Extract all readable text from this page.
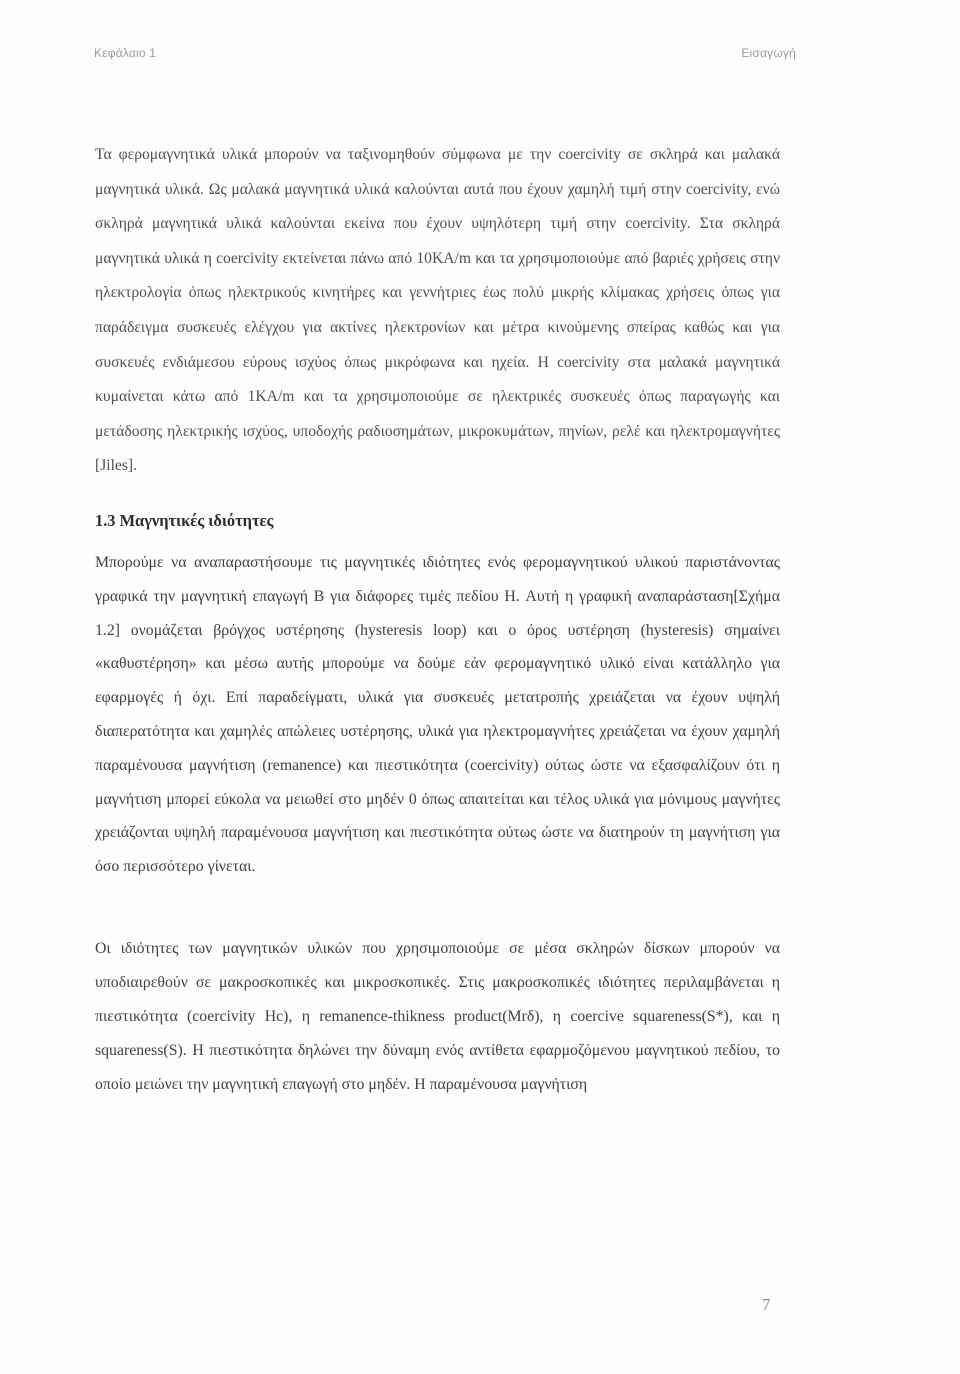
Κεφάλαιο 1	Εισαγωγή

Τα φερομαγνητικά υλικά μπορούν να ταξινομηθούν σύμφωνα με την coercivity σε σκληρά και μαλακά μαγνητικά υλικά. Ως μαλακά μαγνητικά υλικά καλούνται αυτά που έχουν χαμηλή τιμή στην coercivity, ενώ σκληρά μαγνητικά υλικά καλούνται εκείνα που έχουν υψηλότερη τιμή στην coercivity. Στα σκληρά μαγνητικά υλικά η coercivity εκτείνεται πάνω από 10KA/m και τα χρησιμοποιούμε από βαριές χρήσεις στην ηλεκτρολογία όπως ηλεκτρικούς κινητήρες και γεννήτριες έως πολύ μικρής κλίμακας χρήσεις όπως για παράδειγμα συσκευές ελέγχου για ακτίνες ηλεκτρονίων και μέτρα κινούμενης σπείρας καθώς και για συσκευές ενδιάμεσου εύρους ισχύος όπως μικρόφωνα και ηχεία. Η coercivity στα μαλακά μαγνητικά κυμαίνεται κάτω από 1KA/m και τα χρησιμοποιούμε σε ηλεκτρικές συσκευές όπως παραγωγής και μετάδοσης ηλεκτρικής ισχύος, υποδοχής ραδιοσημάτων, μικροκυμάτων, πηνίων, ρελέ και ηλεκτρομαγνήτες [Jiles].

1.3 Μαγνητικές ιδιότητες

Μπορούμε να αναπαραστήσουμε τις μαγνητικές ιδιότητες ενός φερομαγνητικού υλικού παριστάνοντας γραφικά την μαγνητική επαγωγή B για διάφορες τιμές πεδίου H. Αυτή η γραφική αναπαράσταση[Σχήμα 1.2] ονομάζεται βρόγχος υστέρησης (hysteresis loop) και ο όρος υστέρηση (hysteresis) σημαίνει «καθυστέρηση» και μέσω αυτής μπορούμε να δούμε εάν φερομαγνητικό υλικό είναι κατάλληλο για εφαρμογές ή όχι. Επί παραδείγματι, υλικά για συσκευές μετατροπής χρειάζεται να έχουν υψηλή διαπερατότητα και χαμηλές απώλειες υστέρησης, υλικά για ηλεκτρομαγνήτες χρειάζεται να έχουν χαμηλή παραμένουσα μαγνήτιση (remanence) και πιεστικότητα (coercivity) ούτως ώστε να εξασφαλίζουν ότι η μαγνήτιση μπορεί εύκολα να μειωθεί στο μηδέν 0 όπως απαιτείται και τέλος υλικά για μόνιμους μαγνήτες χρειάζονται υψηλή παραμένουσα μαγνήτιση και πιεστικότητα ούτως ώστε να διατηρούν τη μαγνήτιση για όσο περισσότερο γίνεται.

Οι ιδιότητες των μαγνητικών υλικών που χρησιμοποιούμε σε μέσα σκληρών δίσκων μπορούν να υποδιαιρεθούν σε μακροσκοπικές και μικροσκοπικές. Στις μακροσκοπικές ιδιότητες περιλαμβάνεται η πιεστικότητα (coercivity Hc), η remanence-thikness product(Mrδ), η coercive squareness(S*), και η squareness(S). Η πιεστικότητα δηλώνει την δύναμη ενός αντίθετα εφαρμοζόμενου μαγνητικού πεδίου, το οποίο μειώνει την μαγνητική επαγωγή στο μηδέν. Η παραμένουσα μαγνήτιση

7
